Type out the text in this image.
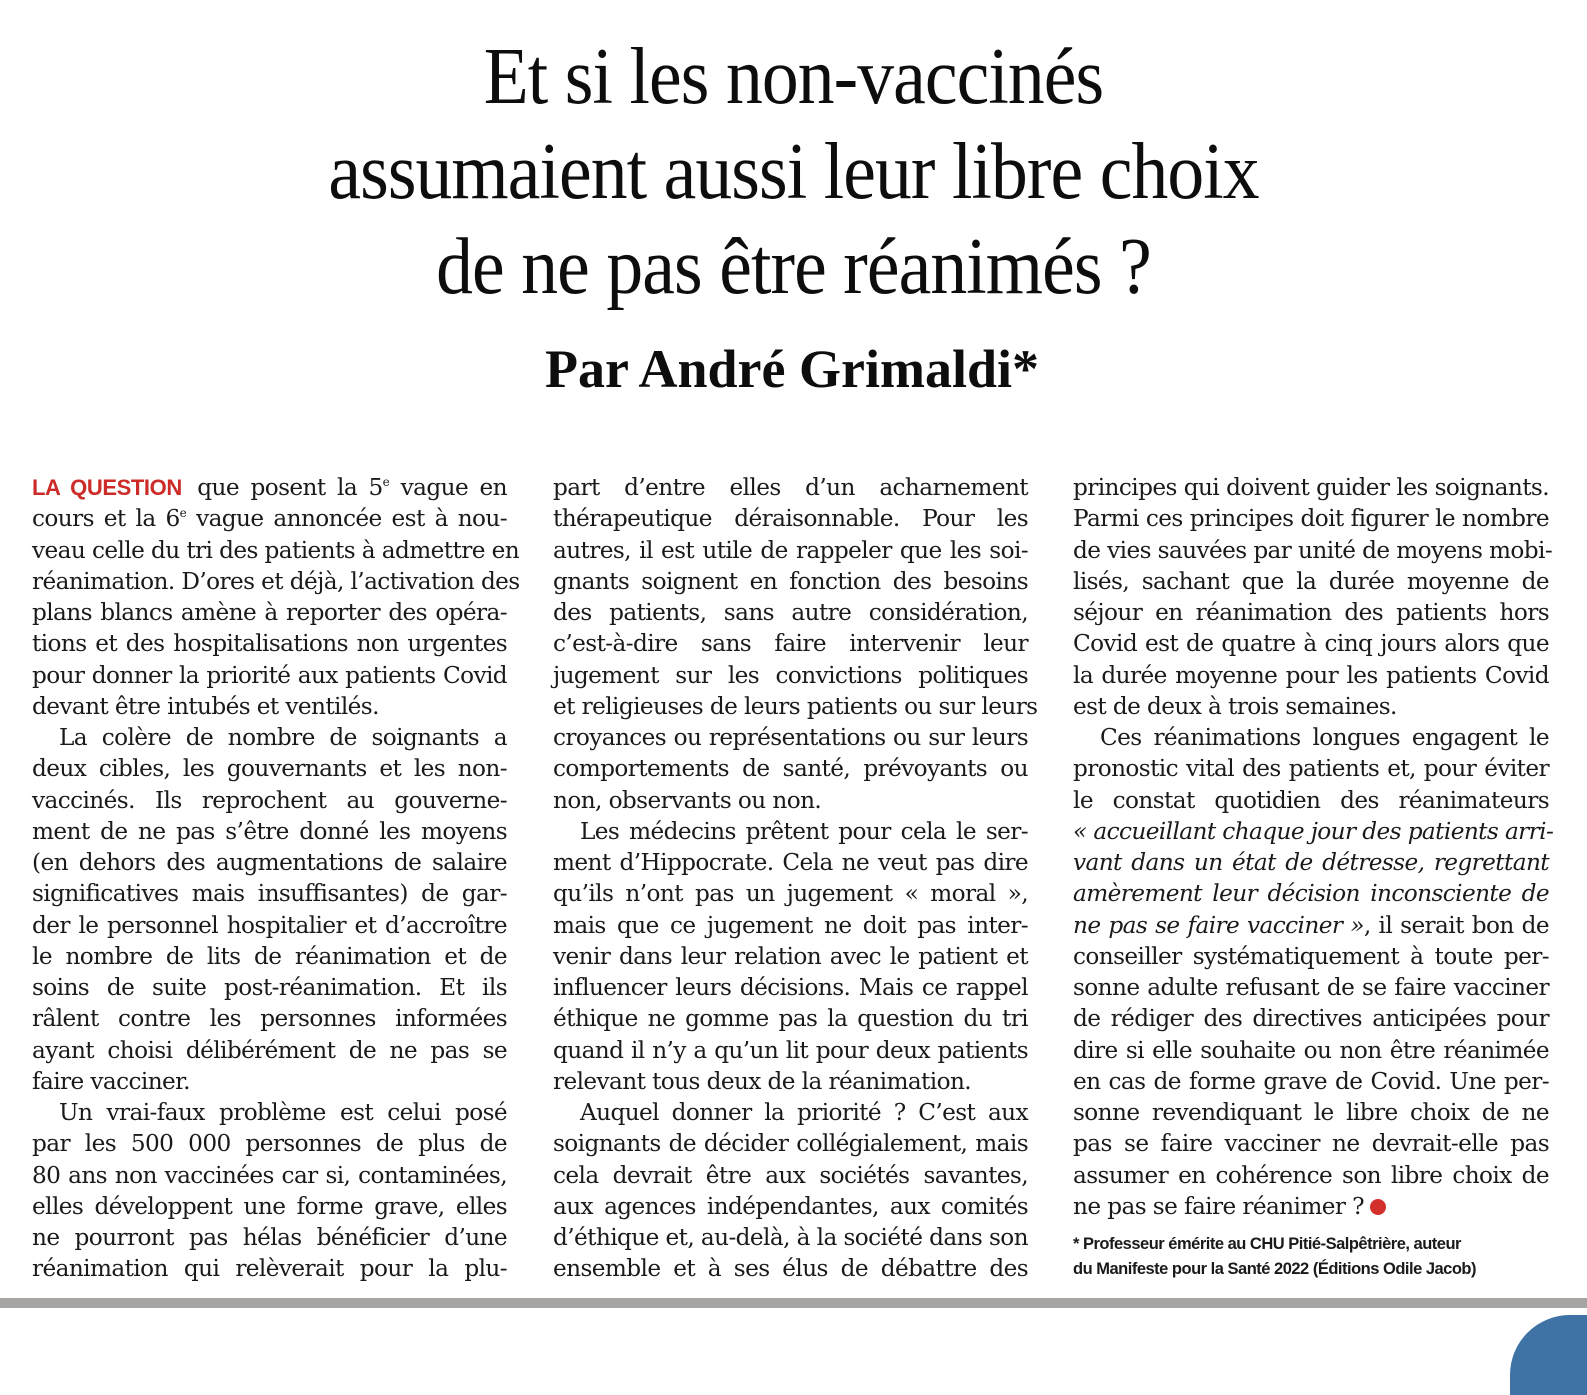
Et si les non-vaccinés
assumaient aussi leur libre choix
de ne pas être réanimés ?
Par André Grimaldi*
LA QUESTION que posent la 5e vague en
cours et la 6e vague annoncée est à nou-
veau celle du tri des patients à admettre en
réanimation. D’ores et déjà, l’activation des
plans blancs amène à reporter des opéra-
tions et des hospitalisations non urgentes
pour donner la priorité aux patients Covid
devant être intubés et ventilés.
La colère de nombre de soignants a
deux cibles, les gouvernants et les non-
vaccinés. Ils reprochent au gouverne-
ment de ne pas s’être donné les moyens
(en dehors des augmentations de salaire
significatives mais insuffisantes) de gar-
der le personnel hospitalier et d’accroître
le nombre de lits de réanimation et de
soins de suite post-réanimation. Et ils
râlent contre les personnes informées
ayant choisi délibérément de ne pas se
faire vacciner.
Un vrai-faux problème est celui posé
par les 500 000 personnes de plus de
80 ans non vaccinées car si, contaminées,
elles développent une forme grave, elles
ne pourront pas hélas bénéficier d’une
réanimation qui relèverait pour la plu-
part d’entre elles d’un acharnement
thérapeutique déraisonnable. Pour les
autres, il est utile de rappeler que les soi-
gnants soignent en fonction des besoins
des patients, sans autre considération,
c’est-à-dire sans faire intervenir leur
jugement sur les convictions politiques
et religieuses de leurs patients ou sur leurs
croyances ou représentations ou sur leurs
comportements de santé, prévoyants ou
non, observants ou non.
Les médecins prêtent pour cela le ser-
ment d’Hippocrate. Cela ne veut pas dire
qu’ils n’ont pas un jugement « moral »,
mais que ce jugement ne doit pas inter-
venir dans leur relation avec le patient et
influencer leurs décisions. Mais ce rappel
éthique ne gomme pas la question du tri
quand il n’y a qu’un lit pour deux patients
relevant tous deux de la réanimation.
Auquel donner la priorité ? C’est aux
soignants de décider collégialement, mais
cela devrait être aux sociétés savantes,
aux agences indépendantes, aux comités
d’éthique et, au-delà, à la société dans son
ensemble et à ses élus de débattre des
principes qui doivent guider les soignants.
Parmi ces principes doit figurer le nombre
de vies sauvées par unité de moyens mobi-
lisés, sachant que la durée moyenne de
séjour en réanimation des patients hors
Covid est de quatre à cinq jours alors que
la durée moyenne pour les patients Covid
est de deux à trois semaines.
Ces réanimations longues engagent le
pronostic vital des patients et, pour éviter
le constat quotidien des réanimateurs
« accueillant chaque jour des patients arri-
vant dans un état de détresse, regrettant
amèrement leur décision inconsciente de
ne pas se faire vacciner », il serait bon de
conseiller systématiquement à toute per-
sonne adulte refusant de se faire vacciner
de rédiger des directives anticipées pour
dire si elle souhaite ou non être réanimée
en cas de forme grave de Covid. Une per-
sonne revendiquant le libre choix de ne
pas se faire vacciner ne devrait-elle pas
assumer en cohérence son libre choix de
ne pas se faire réanimer ?
* Professeur émérite au CHU Pitié-Salpêtrière, auteur
du Manifeste pour la Santé 2022 (Éditions Odile Jacob)
